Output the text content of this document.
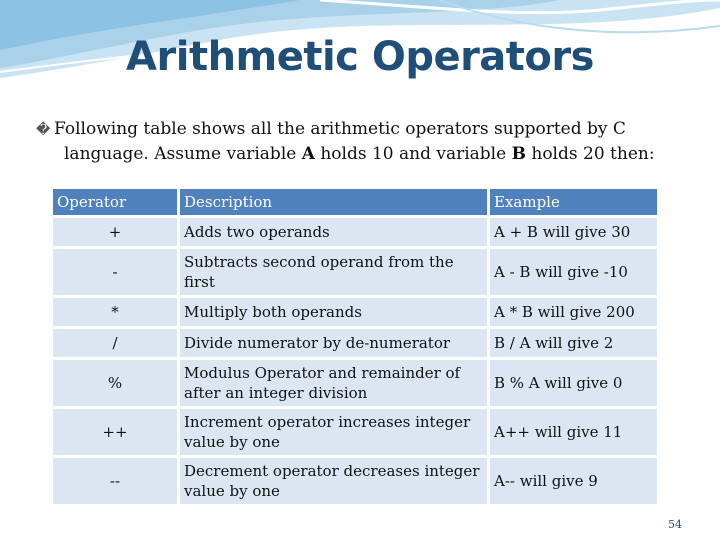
Arithmetic Operators
� Following table shows all the arithmetic operators supported by C
language. Assume variable A holds 10 and variable B holds 20 then:
Operator	Description	Example
+	Adds two operands	A + B will give 30
-	Subtracts second operand from the first	A - B will give -10
*	Multiply both operands	A * B will give 200
/	Divide numerator by de-numerator	B / A will give 2
%	Modulus Operator and remainder of after an integer division	B % A will give 0
++	Increment operator increases integer value by one	A++ will give 11
--	Decrement operator decreases integer value by one	A-- will give 9
54
